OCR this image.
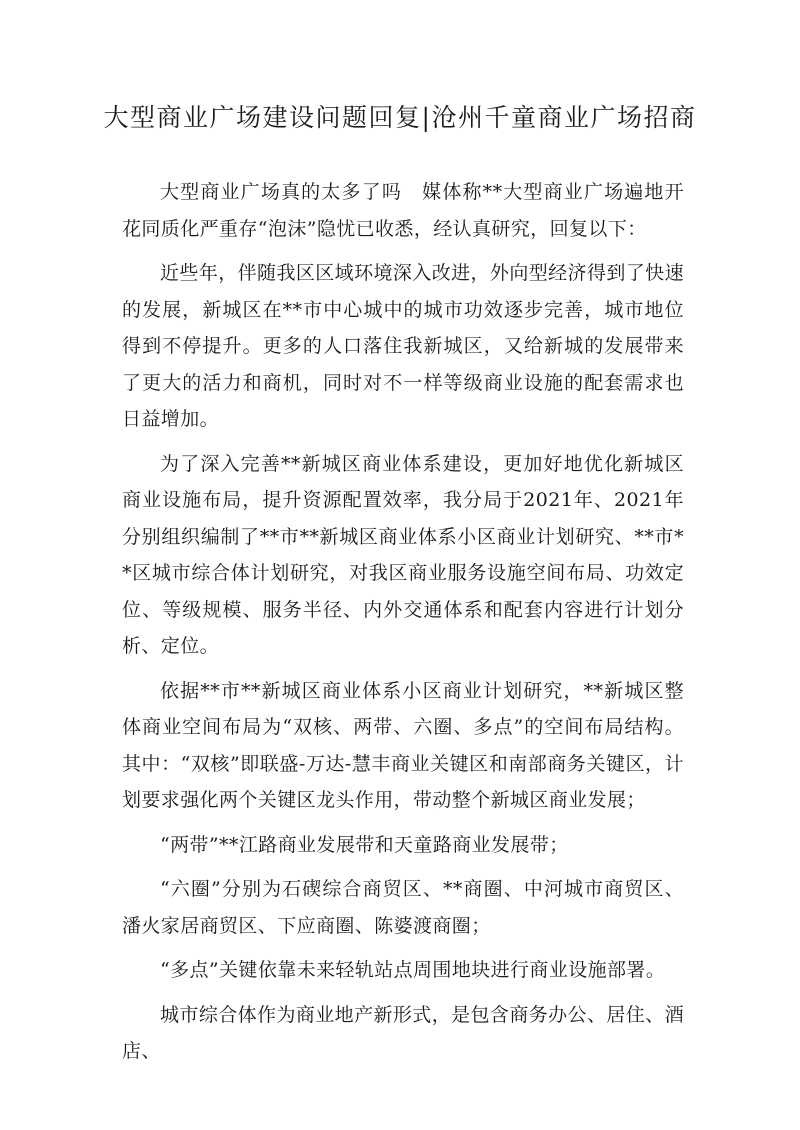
大型商业广场建设问题回复|沧州千童商业广场招商

大型商业广场真的太多了吗　媒体称**大型商业广场遍地开花同质化严重存“泡沫”隐忧已收悉，经认真研究，回复以下：

近些年，伴随我区区域环境深入改进，外向型经济得到了快速的发展，新城区在**市中心城中的城市功效逐步完善，城市地位得到不停提升。更多的人口落住我新城区，又给新城的发展带来了更大的活力和商机，同时对不一样等级商业设施的配套需求也日益增加。

为了深入完善**新城区商业体系建设，更加好地优化新城区商业设施布局，提升资源配置效率，我分局于2021年、2021年分别组织编制了**市**新城区商业体系小区商业计划研究、**市**区城市综合体计划研究，对我区商业服务设施空间布局、功效定位、等级规模、服务半径、内外交通体系和配套内容进行计划分析、定位。

依据**市**新城区商业体系小区商业计划研究，**新城区整体商业空间布局为“双核、两带、六圈、多点”的空间布局结构。其中：“双核”即联盛-万达-慧丰商业关键区和南部商务关键区，计划要求强化两个关键区龙头作用，带动整个新城区商业发展；

“两带”**江路商业发展带和天童路商业发展带；

“六圈”分别为石碶综合商贸区、**商圈、中河城市商贸区、潘火家居商贸区、下应商圈、陈婆渡商圈；

“多点”关键依靠未来轻轨站点周围地块进行商业设施部署。

城市综合体作为商业地产新形式，是包含商务办公、居住、酒店、
